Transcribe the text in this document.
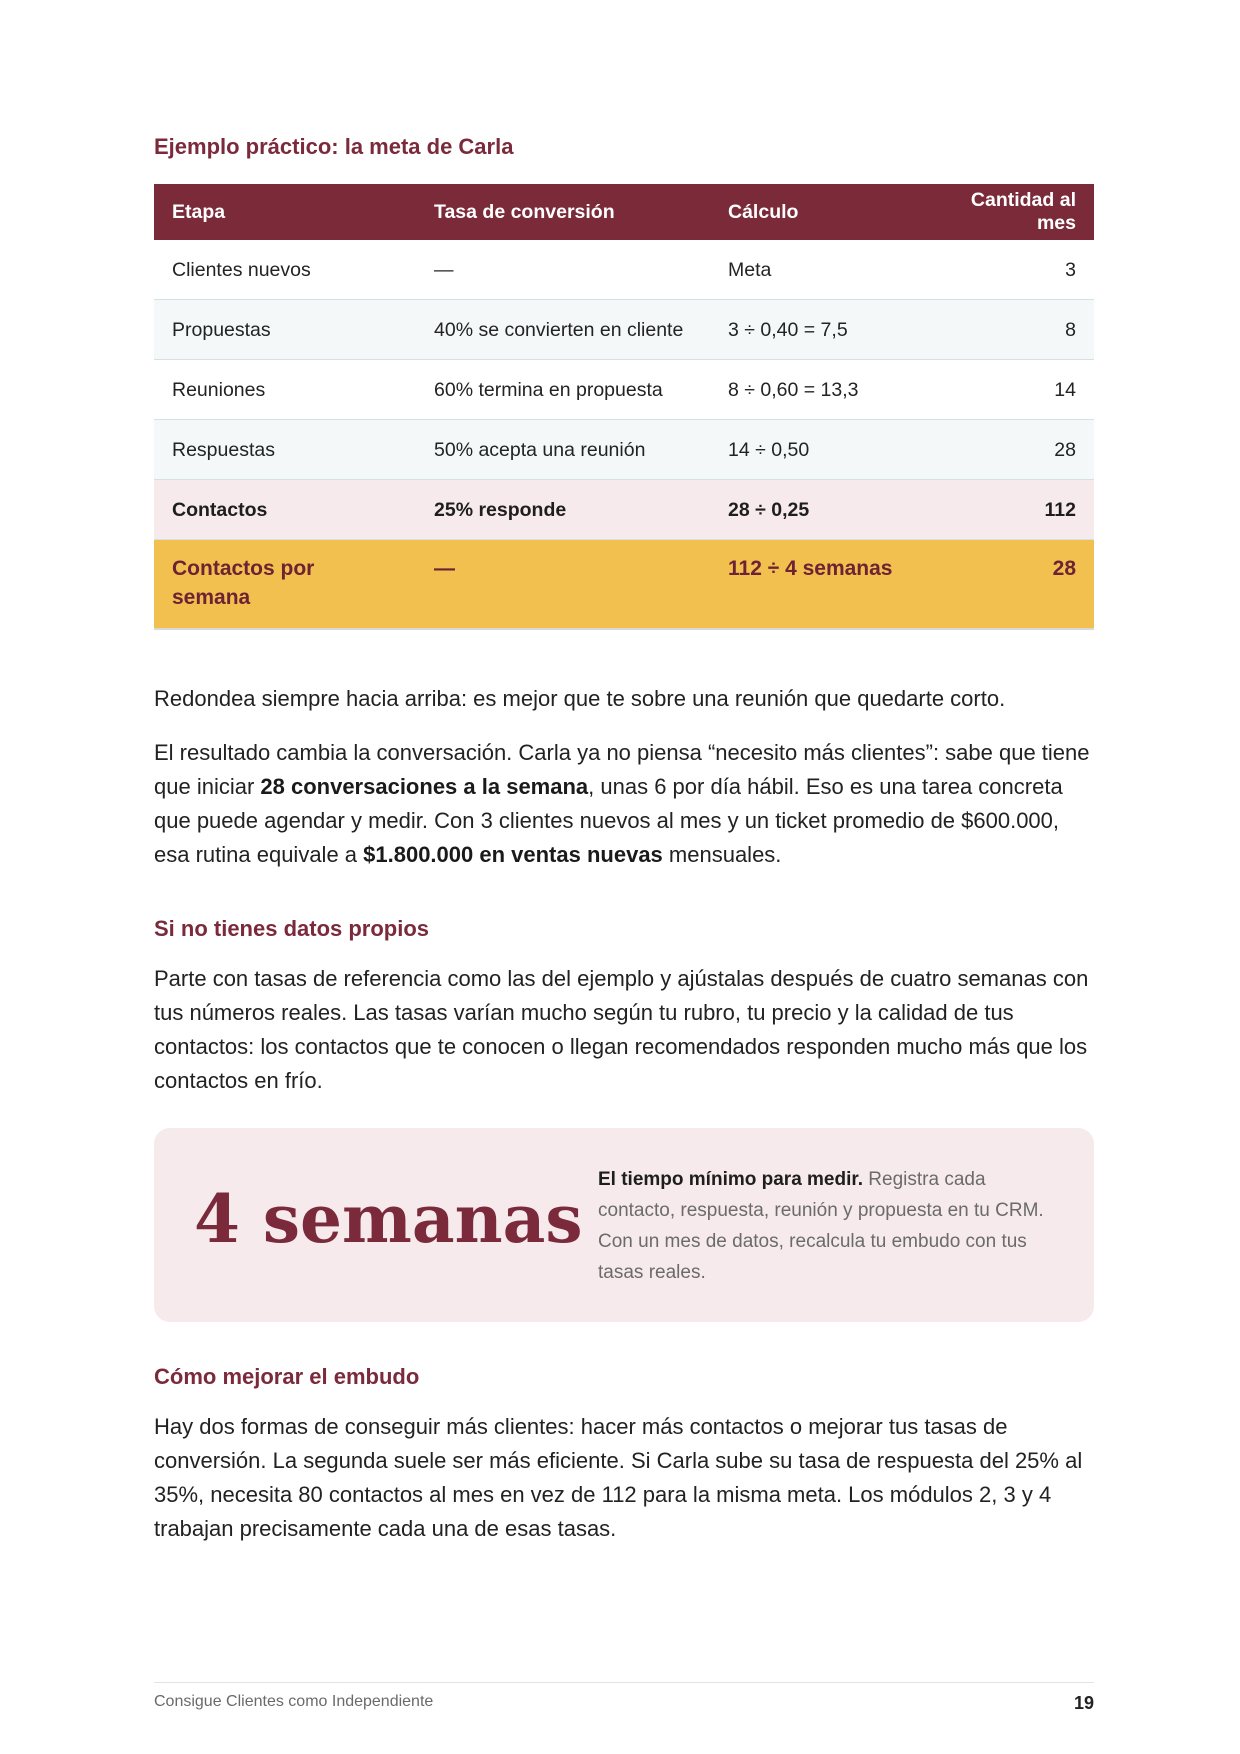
Ejemplo práctico: la meta de Carla
Etapa	Tasa de conversión	Cálculo	Cantidad al mes
Clientes nuevos	—	Meta	3
Propuestas	40% se convierten en cliente	3 ÷ 0,40 = 7,5	8
Reuniones	60% termina en propuesta	8 ÷ 0,60 = 13,3	14
Respuestas	50% acepta una reunión	14 ÷ 0,50	28
Contactos	25% responde	28 ÷ 0,25	112
Contactos por semana	—	112 ÷ 4 semanas	28

Redondea siempre hacia arriba: es mejor que te sobre una reunión que quedarte corto.

El resultado cambia la conversación. Carla ya no piensa “necesito más clientes”: sabe que tiene que iniciar 28 conversaciones a la semana, unas 6 por día hábil. Eso es una tarea concreta que puede agendar y medir. Con 3 clientes nuevos al mes y un ticket promedio de $600.000, esa rutina equivale a $1.800.000 en ventas nuevas mensuales.

Si no tienes datos propios

Parte con tasas de referencia como las del ejemplo y ajústalas después de cuatro semanas con tus números reales. Las tasas varían mucho según tu rubro, tu precio y la calidad de tus contactos: los contactos que te conocen o llegan recomendados responden mucho más que los contactos en frío.

4 semanas
El tiempo mínimo para medir. Registra cada contacto, respuesta, reunión y propuesta en tu CRM. Con un mes de datos, recalcula tu embudo con tus tasas reales.
Cómo mejorar el embudo

Hay dos formas de conseguir más clientes: hacer más contactos o mejorar tus tasas de conversión. La segunda suele ser más eficiente. Si Carla sube su tasa de respuesta del 25% al 35%, necesita 80 contactos al mes en vez de 112 para la misma meta. Los módulos 2, 3 y 4 trabajan precisamente cada una de esas tasas.

Consigue Clientes como Independiente	19
